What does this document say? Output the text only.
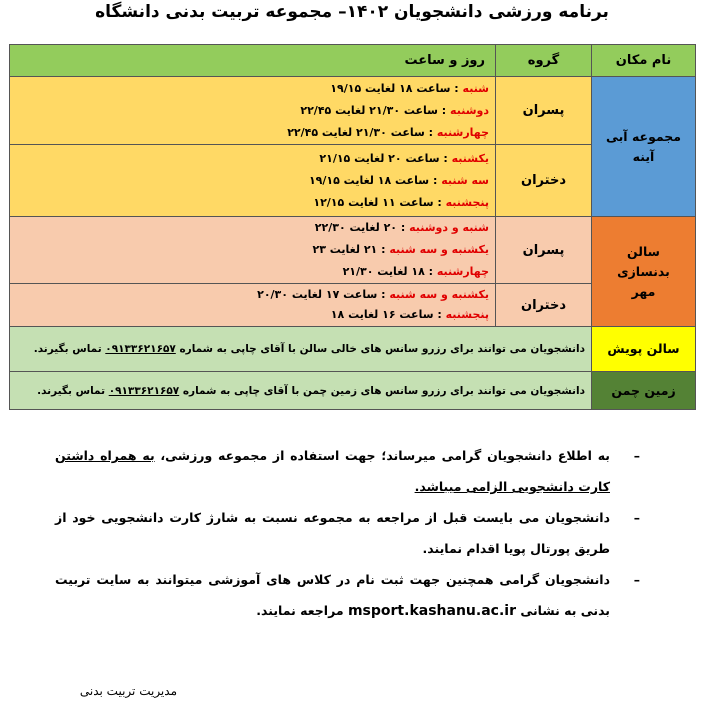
برنامه ورزشی دانشجویان ۱۴۰۲– مجموعه تربیت بدنی دانشگاه
نام مکان	گروه	روز و ساعت
مجموعه آبی آینه	پسران	شنبه : ساعت ۱۸ لغایت ۱۹/۱۵
دوشنبه : ساعت ۲۱/۳۰ لغایت ۲۲/۴۵
چهارشنبه : ساعت ۲۱/۳۰ لغایت ۲۲/۴۵

	دختران	یکشنبه : ساعت ۲۰ لغایت ۲۱/۱۵
سه شنبه : ساعت ۱۸ لغایت ۱۹/۱۵
پنجشنبه : ساعت ۱۱ لغایت ۱۲/۱۵

سالن بدنسازی مهر	پسران	شنبه و دوشنبه : ۲۰ لغایت ۲۲/۳۰
یکشنبه و سه شنبه : ۲۱ لغایت ۲۳
چهارشنبه : ۱۸ لغایت ۲۱/۳۰

	دختران	یکشنبه و سه شنبه : ساعت ۱۷ لغایت ۲۰/۳۰
پنجشنبه : ساعت ۱۶ لغایت ۱۸

سالن پویش	دانشجویان می توانند برای رزرو سانس های خالی سالن با آقای چاپی به شماره ۰۹۱۳۳۶۲۱۶۵۷ تماس بگیرند.	
زمین چمن	دانشجویان می توانند برای رزرو سانس های زمین چمن با آقای چاپی به شماره ۰۹۱۳۳۶۲۱۶۵۷ تماس بگیرند.	
–
به اطلاع دانشجویان گرامی میرساند؛ جهت استفاده از مجموعه ورزشی، به همراه داشتن کارت دانشجویی الزامی میباشد.
–
دانشجویان می بایست قبل از مراجعه به مجموعه نسبت به شارژ کارت دانشجویی خود از طریق پورتال پویا اقدام نمایند.
–
دانشجویان گرامی همچنین جهت ثبت نام در کلاس های آموزشی میتوانند به سایت تربیت بدنی به نشانی msport.kashanu.ac.ir مراجعه نمایند.
مدیریت تربیت بدنی
